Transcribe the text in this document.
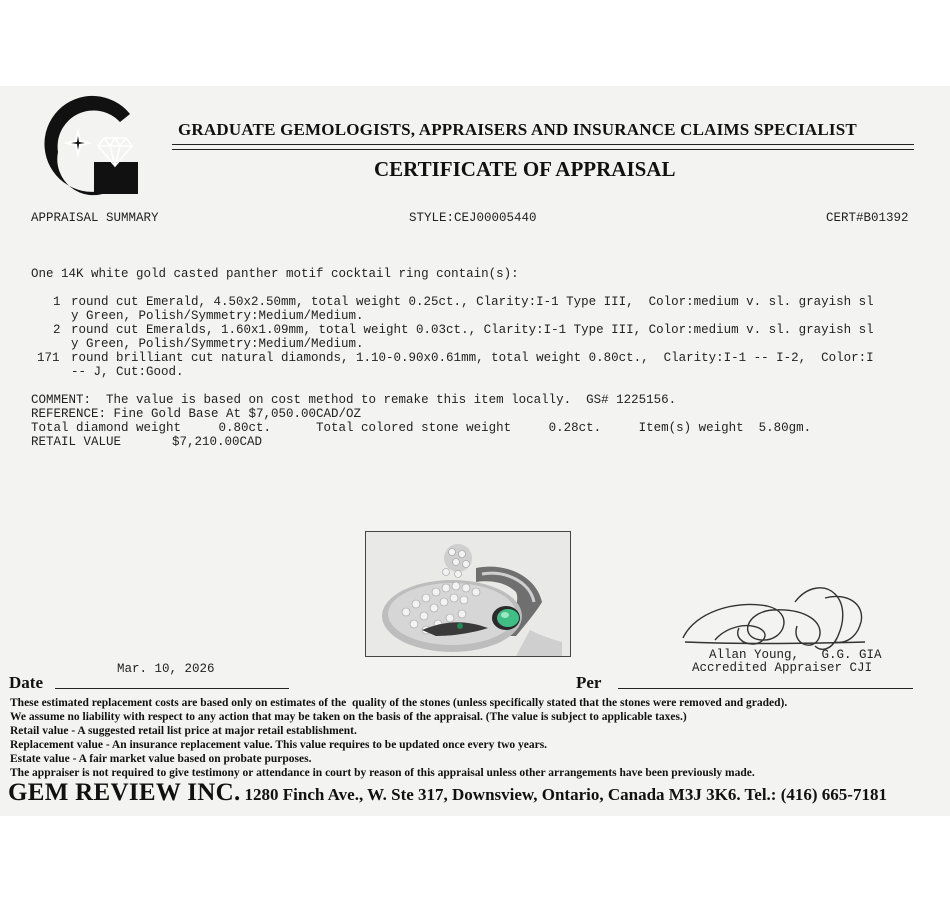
GRADUATE GEMOLOGISTS, APPRAISERS AND INSURANCE CLAIMS SPECIALIST
CERTIFICATE OF APPRAISAL
APPRAISAL SUMMARY	STYLE:CEJ00005440	CERT#B01392
One 14K white gold casted panther motif cocktail ring contain(s):
1 round cut Emerald, 4.50x2.50mm, total weight 0.25ct., Clarity:I-1 Type III,  Color:medium v. sl. grayish sl
y Green, Polish/Symmetry:Medium/Medium.
2 round cut Emeralds, 1.60x1.09mm, total weight 0.03ct., Clarity:I-1 Type III, Color:medium v. sl. grayish sl
y Green, Polish/Symmetry:Medium/Medium.
171 round brilliant cut natural diamonds, 1.10-0.90x0.61mm, total weight 0.80ct.,  Clarity:I-1 -- I-2,  Color:I
-- J, Cut:Good.
COMMENT:  The value is based on cost method to remake this item locally.  GS# 1225156.
REFERENCE: Fine Gold Base At $7,050.00CAD/OZ
Total diamond weight     0.80ct.      Total colored stone weight     0.28ct.     Item(s) weight  5.80gm.
RETAIL VALUE	$7,210.00CAD
Mar. 10, 2026
Allan Young,   G.G. GIA
Accredited Appraiser CJI
Date	Per
These estimated replacement costs are based only on estimates of the  quality of the stones (unless specifically stated that the stones were removed and graded).
We assume no liability with respect to any action that may be taken on the basis of the appraisal. (The value is subject to applicable taxes.)
Retail value - A suggested retail list price at major retail establishment.
Replacement value - An insurance replacement value. This value requires to be updated once every two years.
Estate value - A fair market value based on probate purposes.
The appraiser is not required to give testimony or attendance in court by reason of this appraisal unless other arrangements have been previously made.
GEM REVIEW INC. 1280 Finch Ave., W. Ste 317, Downsview, Ontario, Canada M3J 3K6. Tel.: (416) 665-7181
